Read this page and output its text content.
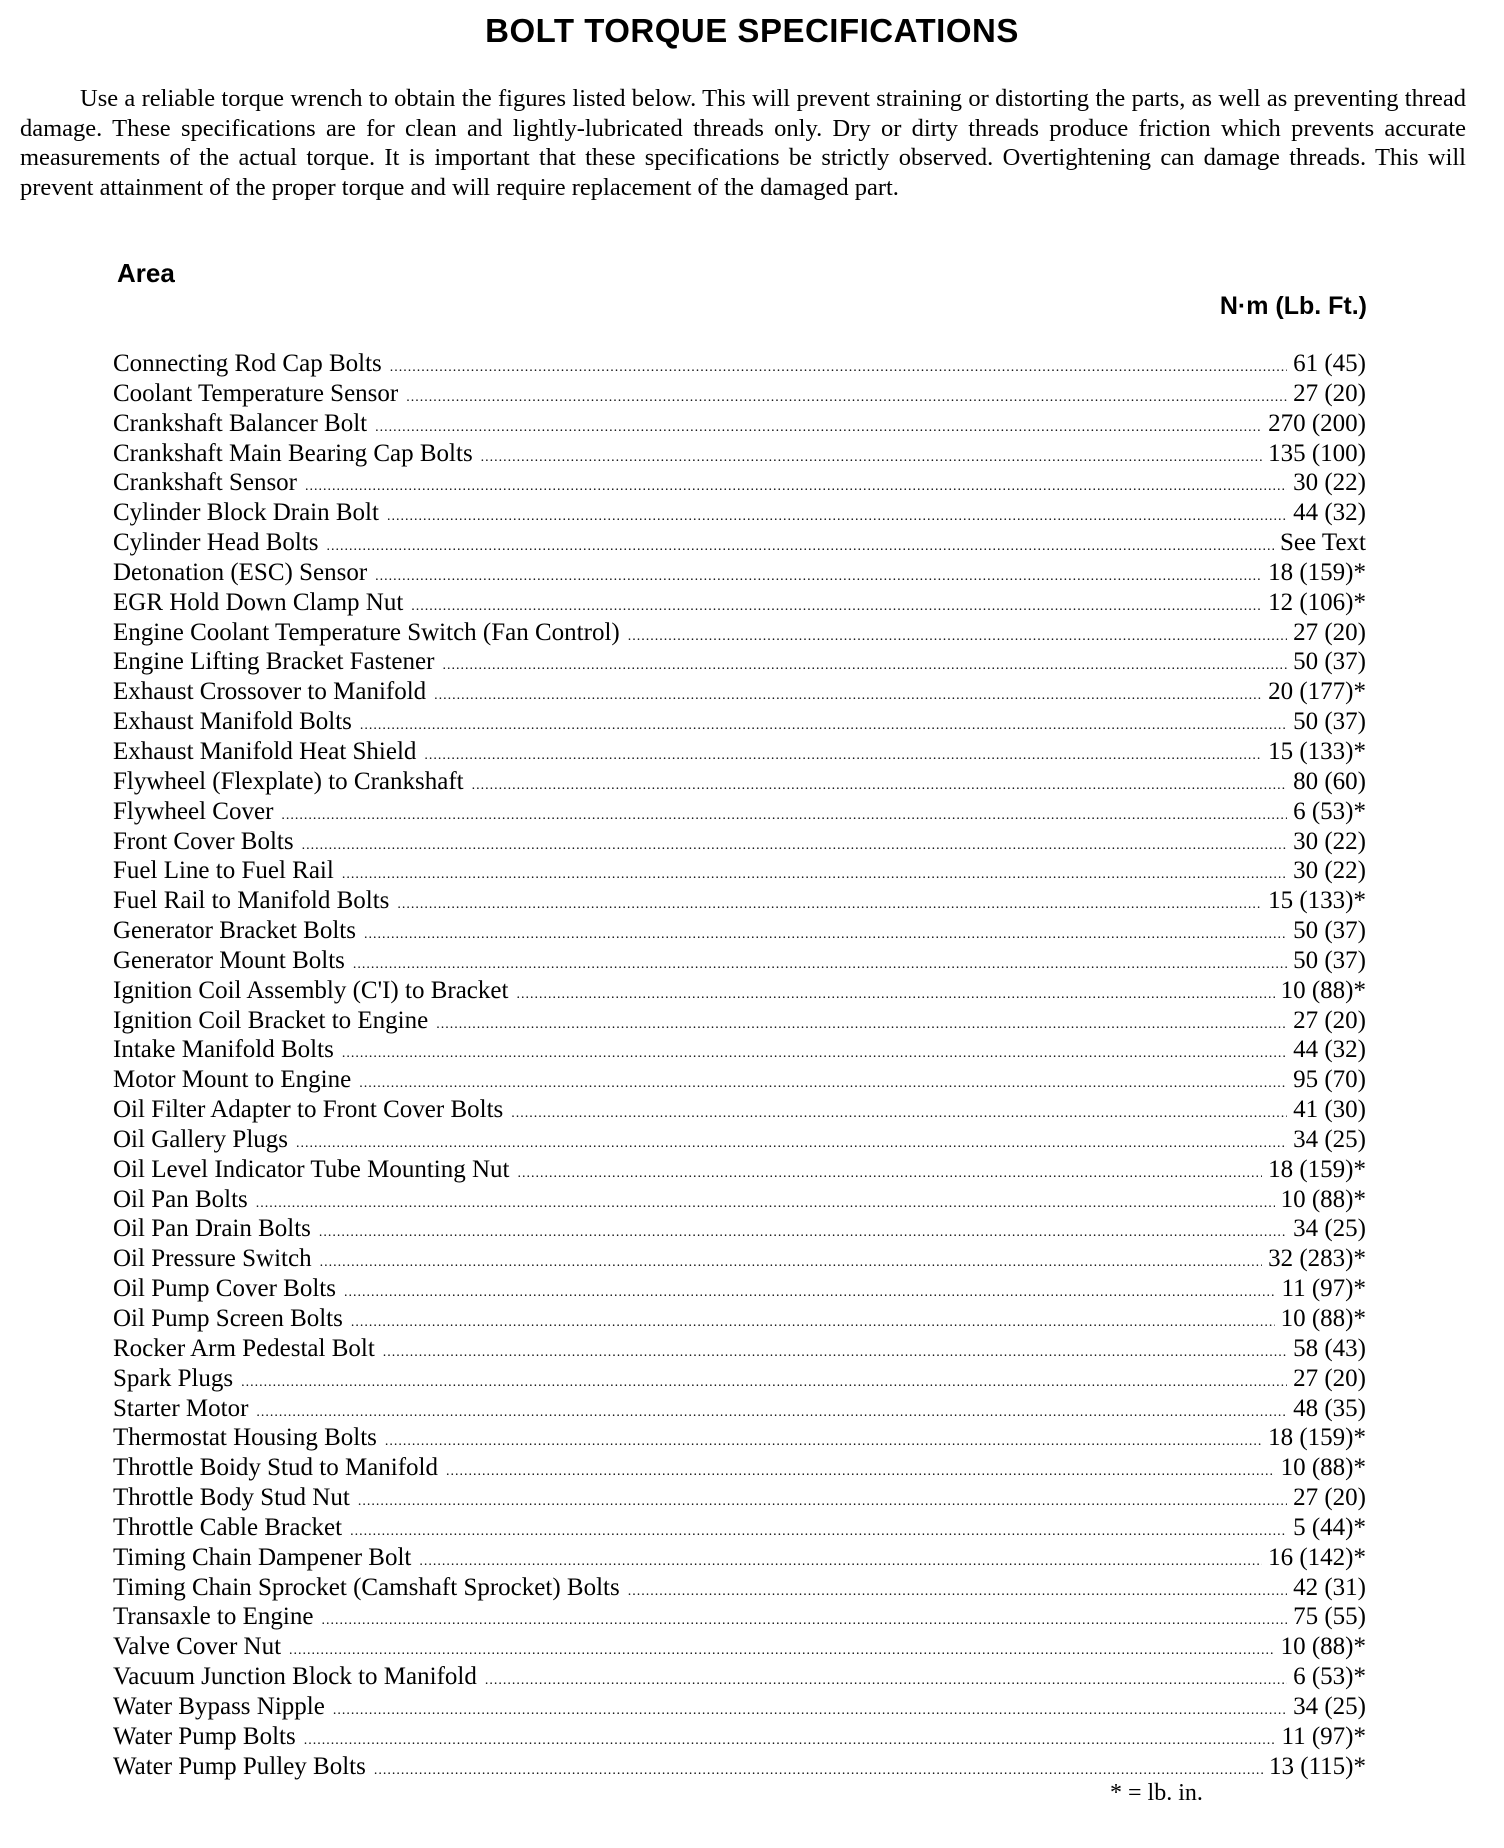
BOLT TORQUE SPECIFICATIONS

Use a reliable torque wrench to obtain the figures listed below. This will prevent straining or distorting the parts, as well as preventing thread damage. These specifications are for clean and lightly-lubricated threads only. Dry or dirty threads produce friction which prevents accurate measurements of the actual torque. It is important that these specifications be strictly observed. Overtightening can damage threads. This will prevent attainment of the proper torque and will require replacement of the damaged part.

Area
N·m (Lb. Ft.)
Connecting Rod Cap Bolts .....	61 (45)
Coolant Temperature Sensor .....	27 (20)
Crankshaft Balancer Bolt .....	270 (200)
Crankshaft Main Bearing Cap Bolts .....	135 (100)
Crankshaft Sensor .....	30 (22)
Cylinder Block Drain Bolt .....	44 (32)
Cylinder Head Bolts .....	See Text
Detonation (ESC) Sensor .....	18 (159)*
EGR Hold Down Clamp Nut .....	12 (106)*
Engine Coolant Temperature Switch (Fan Control) .....	27 (20)
Engine Lifting Bracket Fastener .....	50 (37)
Exhaust Crossover to Manifold .....	20 (177)*
Exhaust Manifold Bolts .....	50 (37)
Exhaust Manifold Heat Shield .....	15 (133)*
Flywheel (Flexplate) to Crankshaft .....	80 (60)
Flywheel Cover .....	6 (53)*
Front Cover Bolts .....	30 (22)
Fuel Line to Fuel Rail .....	30 (22)
Fuel Rail to Manifold Bolts .....	15 (133)*
Generator Bracket Bolts .....	50 (37)
Generator Mount Bolts .....	50 (37)
Ignition Coil Assembly (C'I) to Bracket .....	10 (88)*
Ignition Coil Bracket to Engine .....	27 (20)
Intake Manifold Bolts .....	44 (32)
Motor Mount to Engine .....	95 (70)
Oil Filter Adapter to Front Cover Bolts .....	41 (30)
Oil Gallery Plugs .....	34 (25)
Oil Level Indicator Tube Mounting Nut .....	18 (159)*
Oil Pan Bolts .....	10 (88)*
Oil Pan Drain Bolts .....	34 (25)
Oil Pressure Switch .....	32 (283)*
Oil Pump Cover Bolts .....	11 (97)*
Oil Pump Screen Bolts .....	10 (88)*
Rocker Arm Pedestal Bolt .....	58 (43)
Spark Plugs .....	27 (20)
Starter Motor .....	48 (35)
Thermostat Housing Bolts .....	18 (159)*
Throttle Boidy Stud to Manifold .....	10 (88)*
Throttle Body Stud Nut .....	27 (20)
Throttle Cable Bracket .....	5 (44)*
Timing Chain Dampener Bolt .....	16 (142)*
Timing Chain Sprocket (Camshaft Sprocket) Bolts .....	42 (31)
Transaxle to Engine .....	75 (55)
Valve Cover Nut .....	10 (88)*
Vacuum Junction Block to Manifold .....	6 (53)*
Water Bypass Nipple .....	34 (25)
Water Pump Bolts .....	11 (97)*
Water Pump Pulley Bolts .....	13 (115)*
* = lb. in.
